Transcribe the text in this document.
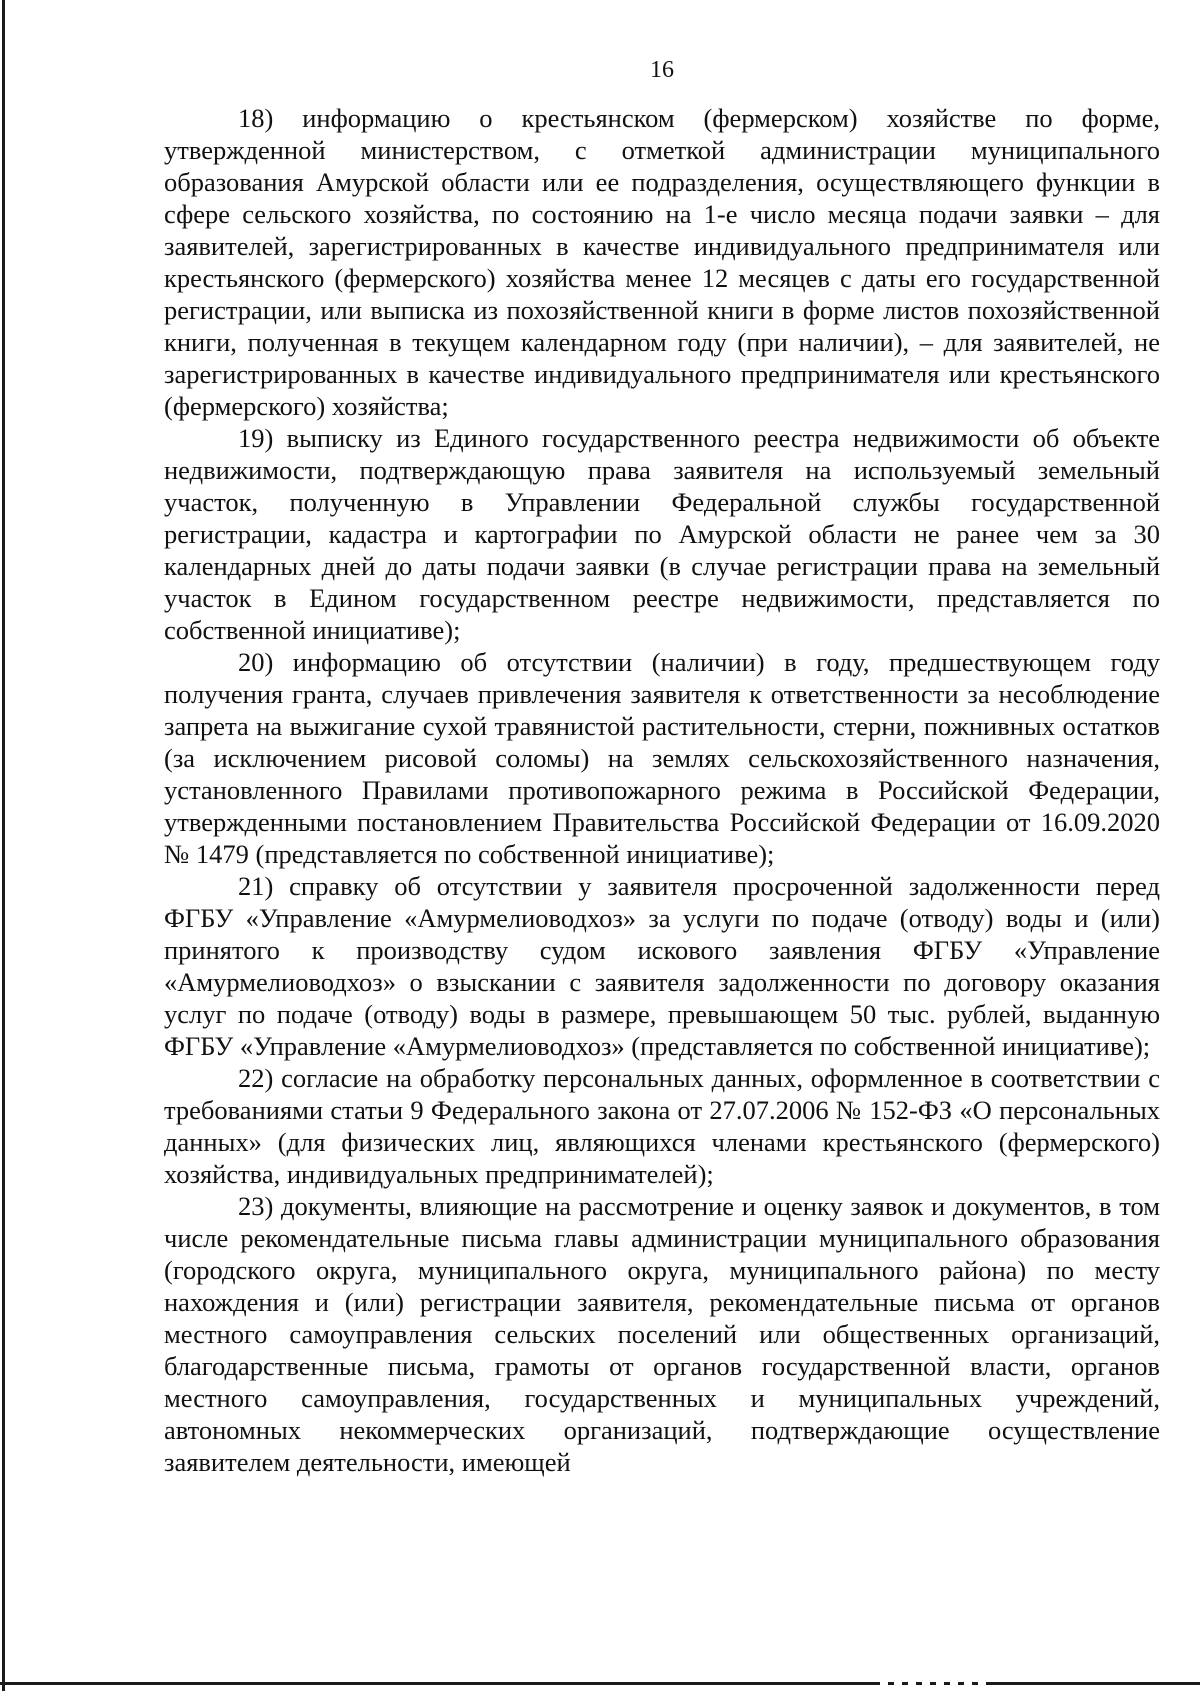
16

18) информацию о крестьянском (фермерском) хозяйстве по форме, утвержденной министерством, с отметкой администрации муниципального образования Амурской области или ее подразделения, осуществляющего функции в сфере сельского хозяйства, по состоянию на 1-е число месяца подачи заявки – для заявителей, зарегистрированных в качестве индивидуального предпринимателя или крестьянского (фермерского) хозяйства менее 12 месяцев с даты его государственной регистрации, или выписка из похозяйственной книги в форме листов похозяйственной книги, полученная в текущем календарном году (при наличии), – для заявителей, не зарегистрированных в качестве индивидуального предпринимателя или крестьянского (фермерского) хозяйства;

19) выписку из Единого государственного реестра недвижимости об объекте недвижимости, подтверждающую права заявителя на используемый земельный участок, полученную в Управлении Федеральной службы государственной регистрации, кадастра и картографии по Амурской области не ранее чем за 30 календарных дней до даты подачи заявки (в случае регистрации права на земельный участок в Едином государственном реестре недвижимости, представляется по собственной инициативе);

20) информацию об отсутствии (наличии) в году, предшествующем году получения гранта, случаев привлечения заявителя к ответственности за несоблюдение запрета на выжигание сухой травянистой растительности, стерни, пожнивных остатков (за исключением рисовой соломы) на землях сельскохозяйственного назначения, установленного Правилами противопожарного режима в Российской Федерации, утвержденными постановлением Правительства Российской Федерации от 16.09.2020 № 1479 (представляется по собственной инициативе);

21) справку об отсутствии у заявителя просроченной задолженности перед ФГБУ «Управление «Амурмелиоводхоз» за услуги по подаче (отводу) воды и (или) принятого к производству судом искового заявления ФГБУ «Управление «Амурмелиоводхоз» о взыскании с заявителя задолженности по договору оказания услуг по подаче (отводу) воды в размере, превышающем 50 тыс. рублей, выданную ФГБУ «Управление «Амурмелиоводхоз» (представляется по собственной инициативе);

22) согласие на обработку персональных данных, оформленное в соответствии с требованиями статьи 9 Федерального закона от 27.07.2006 № 152-ФЗ «О персональных данных» (для физических лиц, являющихся членами крестьянского (фермерского) хозяйства, индивидуальных предпринимателей);

23) документы, влияющие на рассмотрение и оценку заявок и документов, в том числе рекомендательные письма главы администрации муниципального образования (городского округа, муниципального округа, муниципального района) по месту нахождения и (или) регистрации заявителя, рекомендательные письма от органов местного самоуправления сельских поселений или общественных организаций, благодарственные письма, грамоты от органов государственной власти, органов местного самоуправления, государственных и муниципальных учреждений, автономных некоммерческих организаций, подтверждающие осуществление заявителем деятельности, имеющей
